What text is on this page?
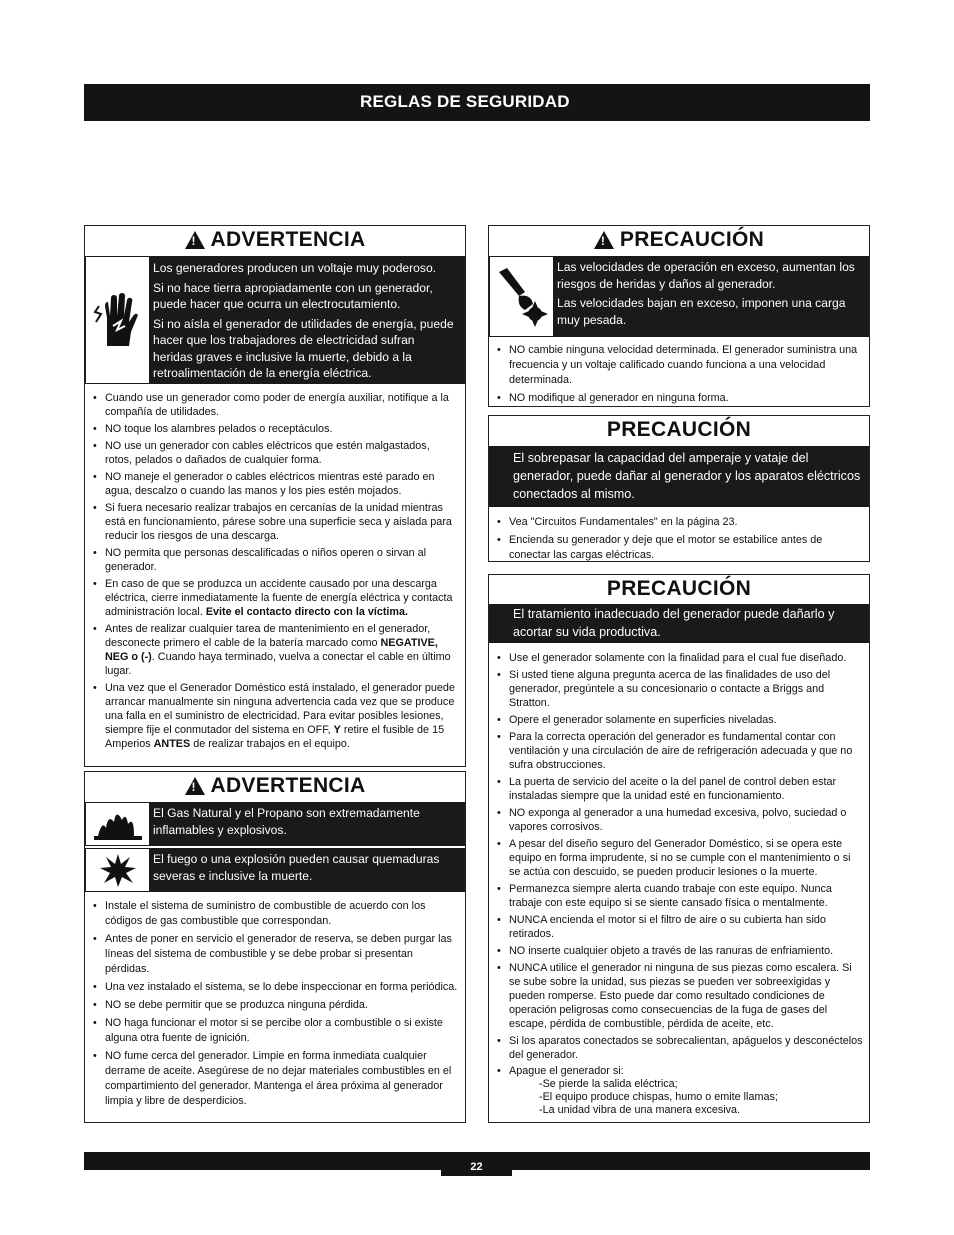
REGLAS DE SEGURIDAD
!
ADVERTENCIA

Los generadores producen un voltaje muy poderoso.

Si no hace tierra apropiadamente con un generador, puede hacer que ocurra un electrocutamiento.

Si no aísla el generador de utilidades de energía, puede hacer que los trabajadores de electricidad sufran heridas graves e inclusive la muerte, debido a la retroalimentación de la energía eléctrica.

• Cuando use un generador como poder de energía auxiliar, notifique a la compañía de utilidades.
• NO toque los alambres pelados o receptáculos.
• NO use un generador con cables eléctricos que estén malgastados, rotos, pelados o dañados de cualquier forma.
• NO maneje el generador o cables eléctricos mientras esté parado en agua, descalzo o cuando las manos y los pies estén mojados.
• Si fuera necesario realizar trabajos en cercanías de la unidad mientras está en funcionamiento, párese sobre una superficie seca y aislada para reducir los riesgos de una descarga.
• NO permita que personas descalificadas o niños operen o sirvan al generador.
• En caso de que se produzca un accidente causado por una descarga eléctrica, cierre inmediatamente la fuente de energía eléctrica y contacta administración local. Evite el contacto directo con la víctima.
• Antes de realizar cualquier tarea de mantenimiento en el generador, desconecte primero el cable de la batería marcado como NEGATIVE, NEG o (-). Cuando haya terminado, vuelva a conectar el cable en último lugar.
• Una vez que el Generador Doméstico está instalado, el generador puede arrancar manualmente sin ninguna advertencia cada vez que se produce una falla en el suministro de electricidad. Para evitar posibles lesiones, siempre fije el conmutador del sistema en OFF, Y retire el fusible de 15 Amperios ANTES de realizar trabajos en el equipo.
!
ADVERTENCIA

El Gas Natural y el Propano son extremadamente inflamables y explosivos.

El fuego o una explosión pueden causar quemaduras severas e inclusive la muerte.

• Instale el sistema de suministro de combustible de acuerdo con los códigos de gas combustible que correspondan.
• Antes de poner en servicio el generador de reserva, se deben purgar las líneas del sistema de combustible y se debe probar si presentan pérdidas.
• Una vez instalado el sistema, se lo debe inspeccionar en forma periódica.
• NO se debe permitir que se produzca ninguna pérdida.
• NO haga funcionar el motor si se percibe olor a combustible o si existe alguna otra fuente de ignición.
• NO fume cerca del generador. Limpie en forma inmediata cualquier derrame de aceite. Asegúrese de no dejar materiales combustibles en el compartimiento del generador. Mantenga el área próxima al generador limpia y libre de desperdicios.
!
PRECAUCIÓN

Las velocidades de operación en exceso, aumentan los riesgos de heridas y daños al generador.

Las velocidades bajan en exceso, imponen una carga muy pesada.

• NO cambie ninguna velocidad determinada. El generador suministra una frecuencia y un voltaje calificado cuando funciona a una velocidad determinada.
• NO modifique al generador en ninguna forma.
PRECAUCIÓN

El sobrepasar la capacidad del amperaje y vataje del generador, puede dañar al generador y los aparatos eléctricos conectados al mismo.

• Vea "Circuitos Fundamentales" en la página 23.
• Encienda su generador y deje que el motor se estabilice antes de conectar las cargas eléctricas.
PRECAUCIÓN

El tratamiento inadecuado del generador puede dañarlo y acortar su vida productiva.

• Use el generador solamente con la finalidad para el cual fue diseñado.
• Si usted tiene alguna pregunta acerca de las finalidades de uso del generador, pregúntele a su concesionario o contacte a Briggs and Stratton.
• Opere el generador solamente en superficies niveladas.
• Para la correcta operación del generador es fundamental contar con ventilación y una circulación de aire de refrigeración adecuada y que no sufra obstrucciones.
• La puerta de servicio del aceite o la del panel de control deben estar instaladas siempre que la unidad esté en funcionamiento.
• NO exponga al generador a una humedad excesiva, polvo, suciedad o vapores corrosivos.
• A pesar del diseño seguro del Generador Doméstico, si se opera este equipo en forma imprudente, si no se cumple con el mantenimiento o si se actúa con descuido, se pueden producir lesiones o la muerte.
• Permanezca siempre alerta cuando trabaje con este equipo. Nunca trabaje con este equipo si se siente cansado física o mentalmente.
• NUNCA encienda el motor si el filtro de aire o su cubierta han sido retirados.
• NO inserte cualquier objeto a través de las ranuras de enfriamiento.
• NUNCA utilice el generador ni ninguna de sus piezas como escalera. Si se sube sobre la unidad, sus piezas se pueden ver sobreexigidas y pueden romperse. Esto puede dar como resultado condiciones de operación peligrosas como consecuencias de la fuga de gases del escape, pérdida de combustible, pérdida de aceite, etc.
• Si los aparatos conectados se sobrecalientan, apáguelos y desconéctelos del generador.
• Apague el generador si:
-Se pierde la salida eléctrica;
-El equipo produce chispas, humo o emite llamas;
-La unidad vibra de una manera excesiva.
22
